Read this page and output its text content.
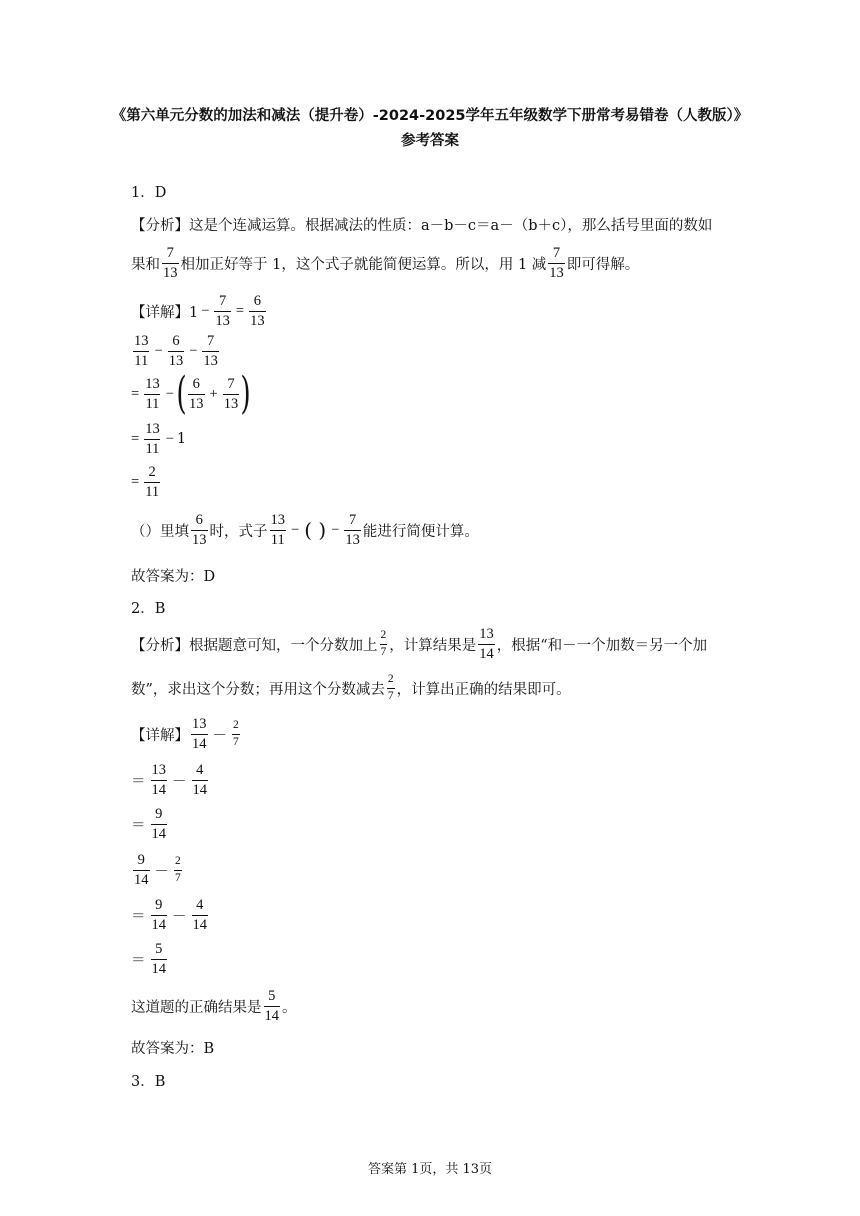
《第六单元分数的加法和减法（提升卷）-2024-2025学年五年级数学下册常考易错卷（人教版）》参考答案
1．D
【分析】这是个连减运算。根据减法的性质：a－b－c＝a－（b＋c），那么括号里面的数如
果和 $\frac{7}{13}$ 相加正好等于 1，这个式子就能简便运算。所以，用 1 减 $\frac{7}{13}$ 即可得解。
【详解】$1 - \frac{7}{13} = \frac{6}{13}$
$\frac{13}{11} - \frac{6}{13} - \frac{7}{13}$
= $\frac{13}{11}$ − ( $\frac{6}{13} + \frac{7}{13}$ )
= $\frac{13}{11} - 1$
= $\frac{2}{11}$
（）里填 $\frac{6}{13}$ 时，式子 $\frac{13}{11}$ − ( ) − $\frac{7}{13}$ 能进行简便计算。
故答案为：D
2．B
【分析】根据题意可知，一个分数加上 $\frac{2}{7}$ ，计算结果是 $\frac{13}{14}$ ，根据“和－一个加数＝另一个加
数”，求出这个分数；再用这个分数减去 $\frac{2}{7}$ ，计算出正确的结果即可。
【详解】 $\frac{13}{14} - \frac{2}{7}$
＝ $\frac{13}{14} - \frac{4}{14}$
＝ $\frac{9}{14}$
$\frac{9}{14} - \frac{2}{7}$
＝ $\frac{9}{14} - \frac{4}{14}$
＝ $\frac{5}{14}$
这道题的正确结果是 $\frac{5}{14}$ 。
故答案为：B
3．B
答案第 1页，共 13页
